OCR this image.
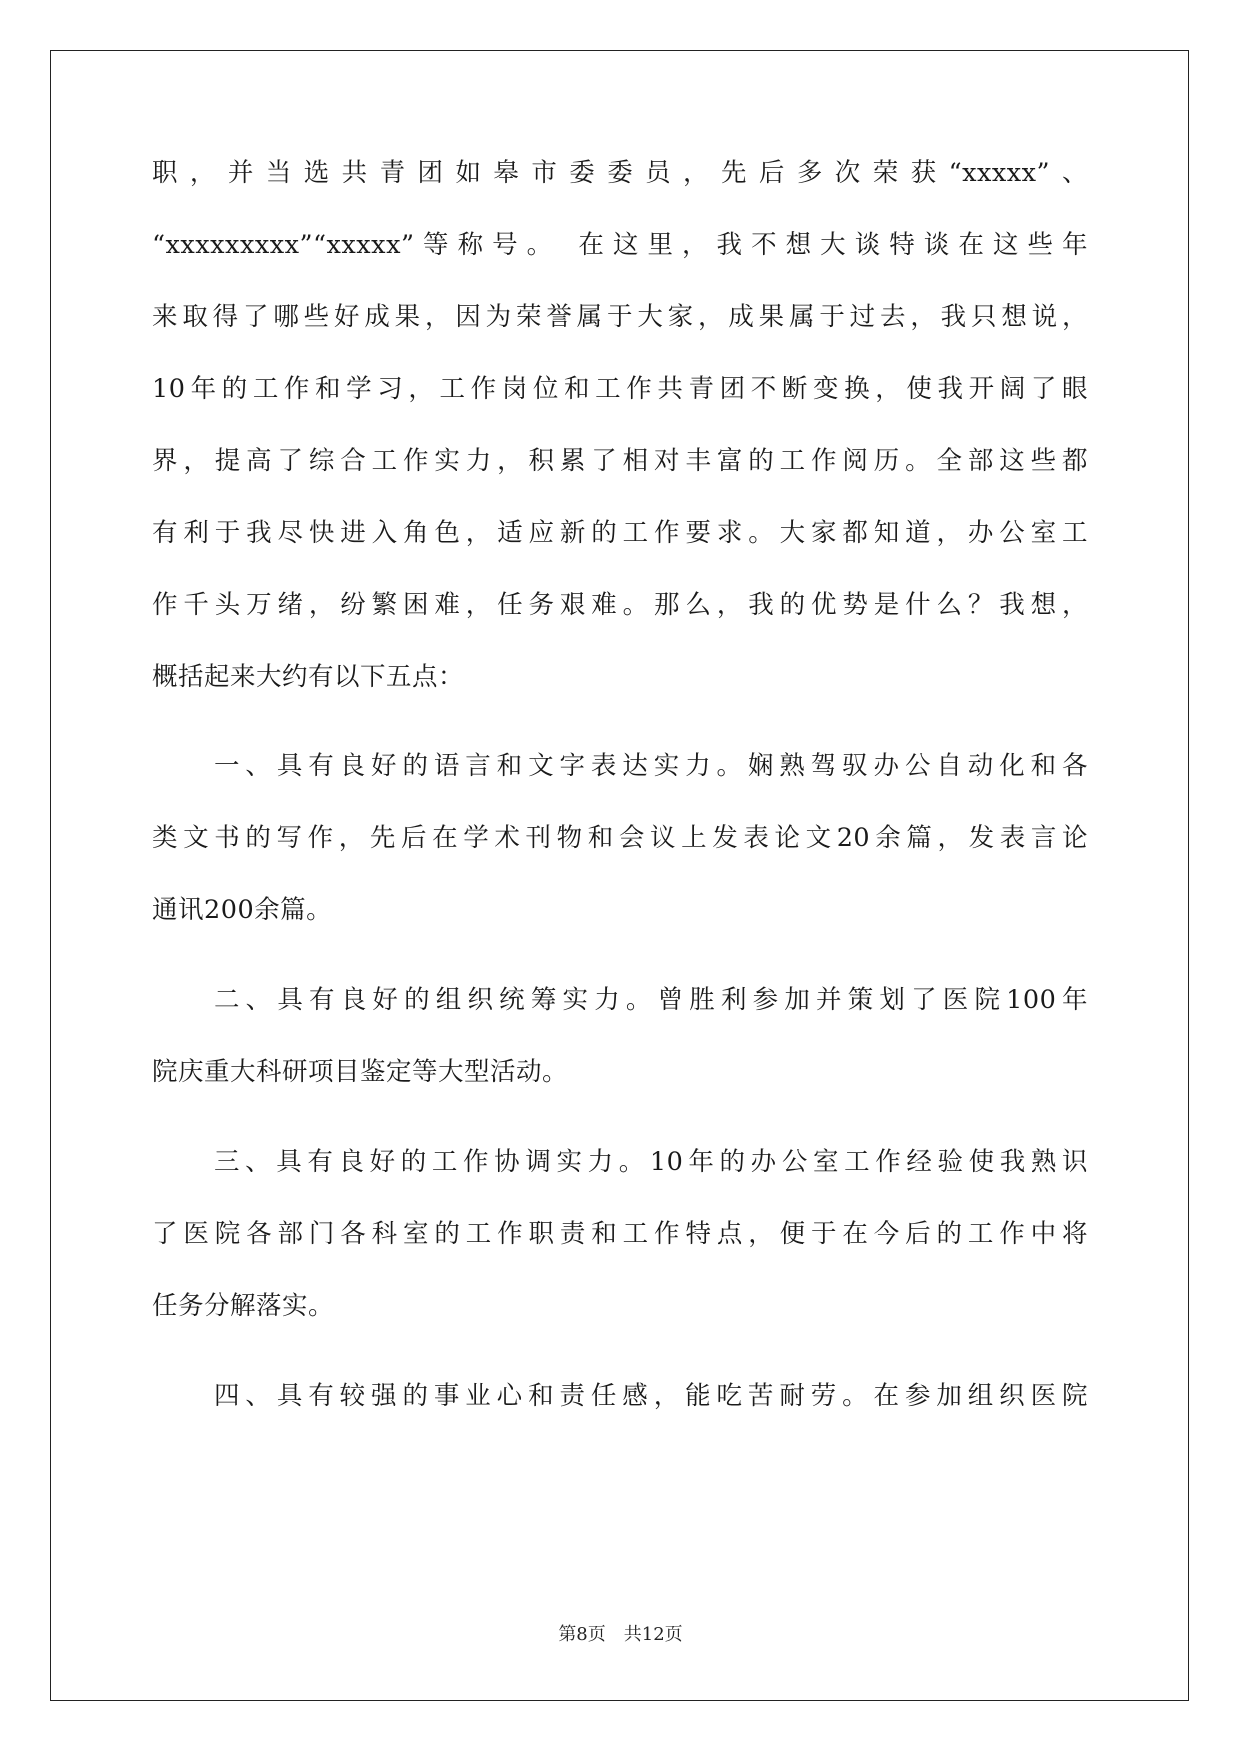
职，并当选共青团如皋市委委员，先后多次荣获“xxxxx”、
“xxxxxxxxx”“xxxxx”等称号。 在这里，我不想大谈特谈在这些年
来取得了哪些好成果，因为荣誉属于大家，成果属于过去，我只想说，
10年的工作和学习，工作岗位和工作共青团不断变换，使我开阔了眼
界，提高了综合工作实力，积累了相对丰富的工作阅历。全部这些都
有利于我尽快进入角色，适应新的工作要求。大家都知道，办公室工
作千头万绪，纷繁困难，任务艰难。那么，我的优势是什么？我想，
概括起来大约有以下五点：
一、具有良好的语言和文字表达实力。娴熟驾驭办公自动化和各
类文书的写作，先后在学术刊物和会议上发表论文20余篇，发表言论
通讯200余篇。
二、具有良好的组织统筹实力。曾胜利参加并策划了医院100年
院庆重大科研项目鉴定等大型活动。
三、具有良好的工作协调实力。10年的办公室工作经验使我熟识
了医院各部门各科室的工作职责和工作特点，便于在今后的工作中将
任务分解落实。
四、具有较强的事业心和责任感，能吃苦耐劳。在参加组织医院
第8页　共12页
